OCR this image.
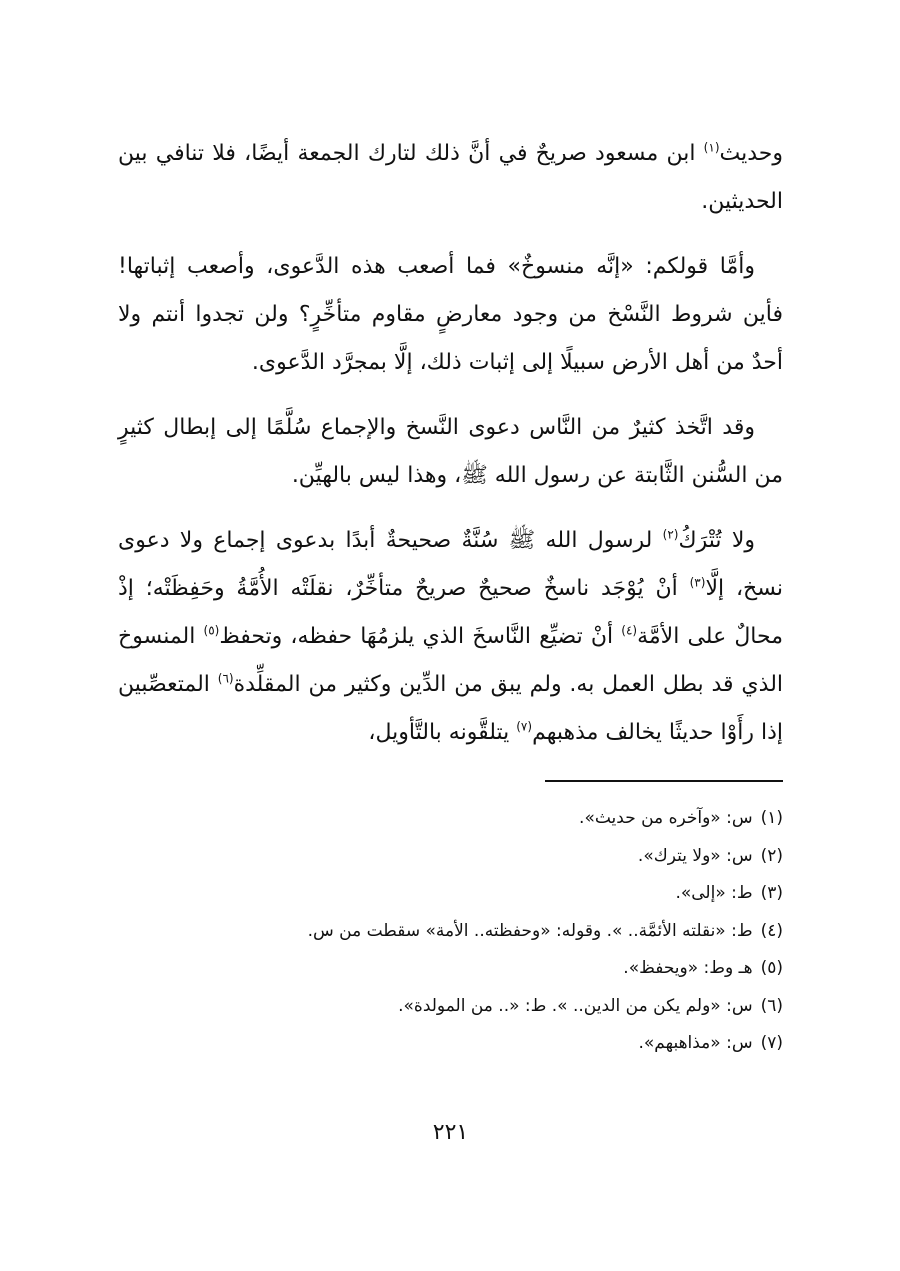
وحديث$^{(١)}$ ابن مسعود صريحٌ في أنَّ ذلك لتارك الجمعة أيضًا، فلا تنافي بين الحديثين.

وأمَّا قولكم: «إنَّه منسوخٌ» فما أصعب هذه الدَّعوى، وأصعب إثباتها! فأين شروط النَّسْخ من وجود معارضٍ مقاوم متأخِّرٍ؟ ولن تجدوا أنتم ولا أحدٌ من أهل الأرض سبيلًا إلى إثبات ذلك، إلَّا بمجرَّد الدَّعوى.

وقد اتَّخذ كثيرٌ من النَّاس دعوى النَّسخ والإجماع سُلَّمًا إلى إبطال كثيرٍ من السُّنن الثَّابتة عن رسول الله ﷺ، وهذا ليس بالهيِّن.

ولا تُتْرَكُ$^{(٢)}$ لرسول الله ﷺ سُنَّةٌ صحيحةٌ أبدًا بدعوى إجماع ولا دعوى نسخ، إلَّا$^{(٣)}$ أنْ يُوْجَد ناسخٌ صحيحٌ صريحٌ متأخِّرٌ، نقلَتْه الأُمَّةُ وحَفِظَتْه؛ إذْ محالٌ على الأمَّة$^{(٤)}$ أنْ تضيِّع النَّاسخَ الذي يلزمُهَا حفظه، وتحفظ$^{(٥)}$ المنسوخ الذي قد بطل العمل به. ولم يبق من الدِّين وكثير من المقلِّدة$^{(٦)}$ المتعصِّبين إذا رأَوْا حديثًا يخالف مذهبهم$^{(٧)}$ يتلقَّونه بالتَّأويل،

(١)س: «وآخره من حديث».
(٢)س: «ولا يترك».
(٣)ط: «إلى».
(٤)ط: «نقلته الأئمَّة.. ». وقوله: «وحفظته.. الأمة» سقطت من س.
(٥)هـ وط: «ويحفظ».
(٦)س: «ولم يكن من الدين.. ». ط: «.. من المولدة».
(٧)س: «مذاهبهم».
٢٢١
